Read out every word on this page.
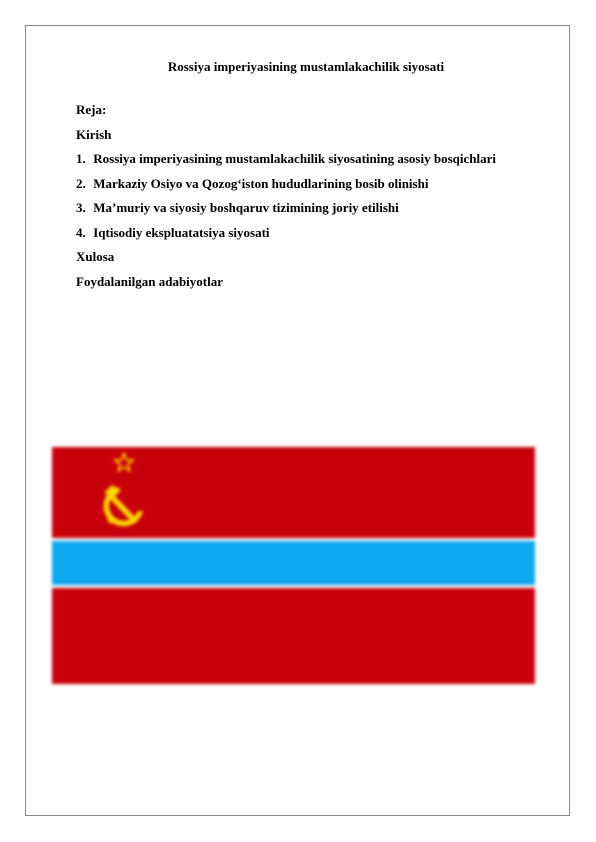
Rossiya imperiyasining mustamlakachilik siyosati
Reja:
Kirish
1. Rossiya imperiyasining mustamlakachilik siyosatining asosiy bosqichlari
2. Markaziy Osiyo va Qozog‘iston hududlarining bosib olinishi
3. Ma’muriy va siyosiy boshqaruv tizimining joriy etilishi
4. Iqtisodiy ekspluatatsiya siyosati
Xulosa
Foydalanilgan adabiyotlar
